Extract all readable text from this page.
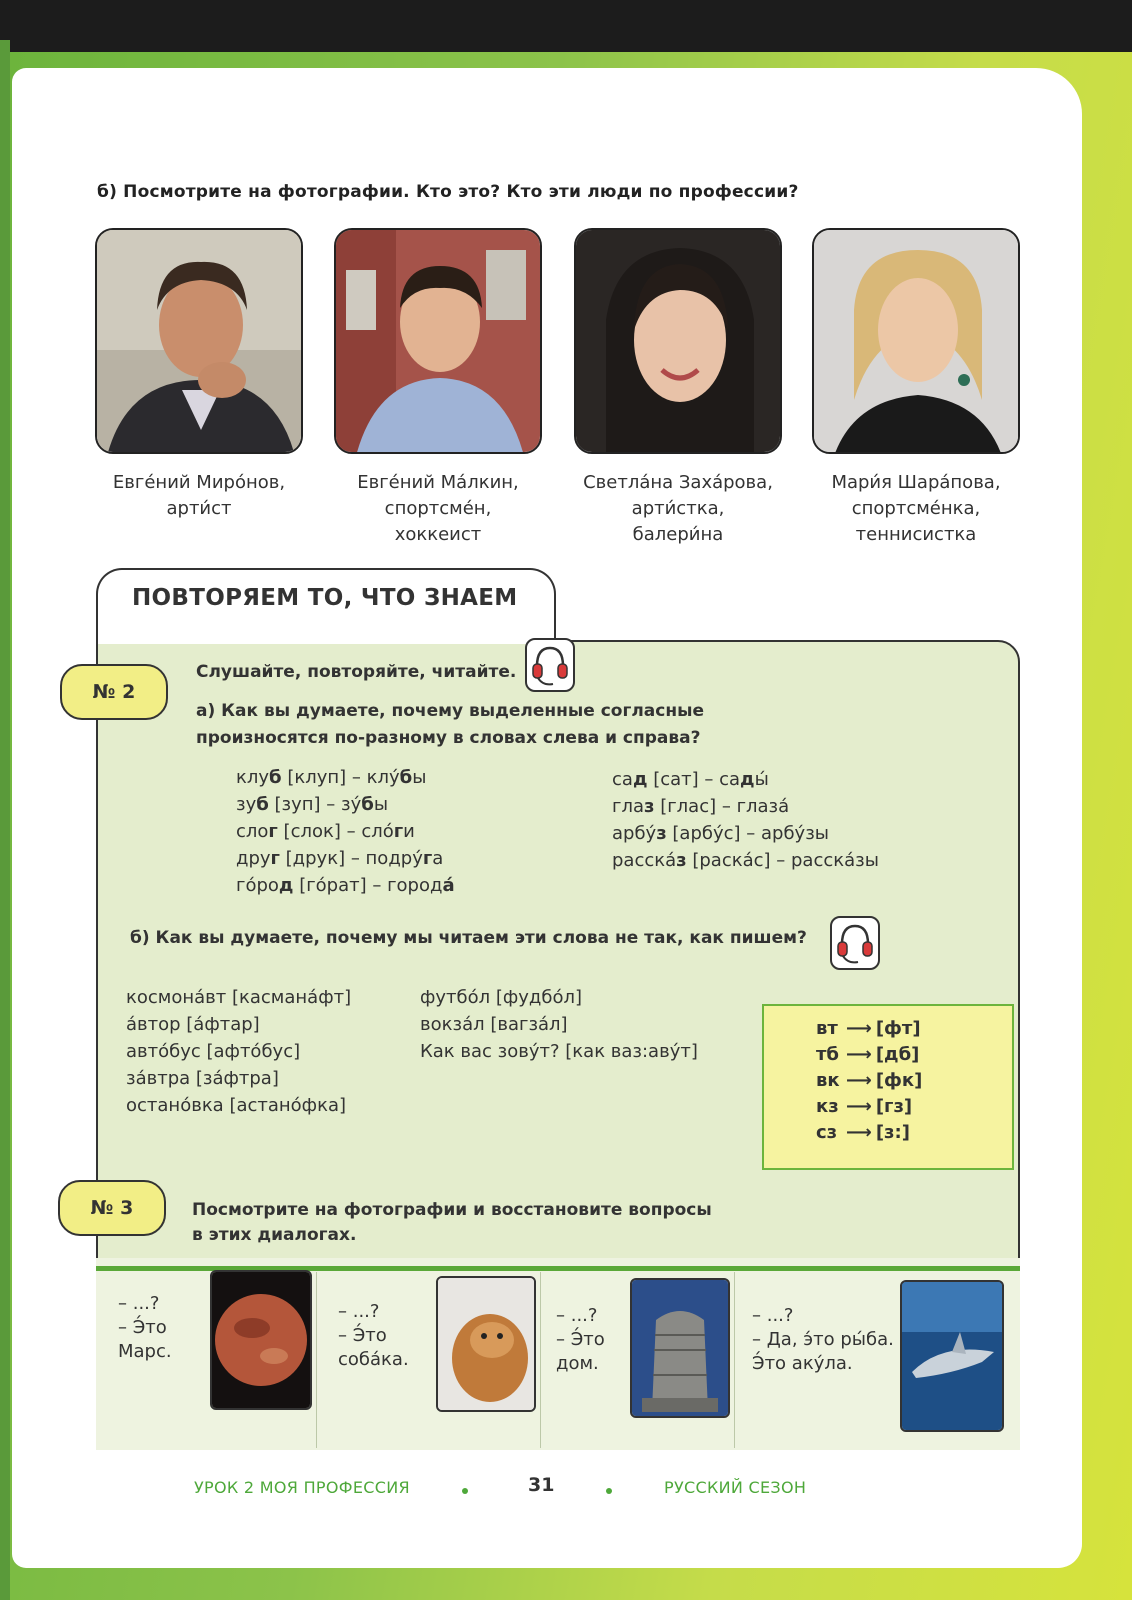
б) Посмотрите на фотографии. Кто это? Кто эти люди по профессии?
Евге́ний Миро́нов,
арти́ст
Евге́ний Ма́лкин,
спортсме́н,
хоккеист
Светла́на Заха́рова,
арти́стка,
балери́на
Мари́я Шара́пова,
спортсме́нка,
теннисистка
ПОВТОРЯЕМ ТО, ЧТО ЗНАЕМ
№ 2
Слушайте, повторяйте, читайте.
а) Как вы думаете, почему выделенные согласные
произносятся по-разному в словах слева и справа?
клуб [клуп] – клу́бы
зуб [зуп] – зу́бы
слог [слок] – сло́ги
друг [друк] – подру́га
го́род [го́рат] – города́
сад [сат] – сады́
глаз [глас] – глаза́
арбу́з [арбу́с] – арбу́зы
расска́з [раска́с] – расска́зы
б) Как вы думаете, почему мы читаем эти слова не так, как пишем?
космона́вт [касмана́фт]
а́втор [а́фтар]
авто́бус [афто́бус]
за́втра [за́фтра]
остано́вка [астано́фка]
футбо́л [фудбо́л]
вокза́л [вагза́л]
Как вас зову́т? [как ваз:аву́т]
вт ⟶ [фт]
тб ⟶ [дб]
вк ⟶ [фк]
кз ⟶ [гз]
сз ⟶ [з:]
№ 3	Посмотрите на фотографии и восстановите вопросы
в этих диалогах.
– ...?
– Э́то
Марс.
– ...?
– Э́то
соба́ка.
– ...?
– Э́то
дом.
– ...?
– Да, э́то ры́ба.
Э́то аку́ла.
УРОК 2 МОЯ ПРОФЕССИЯ	31	РУССКИЙ СЕЗОН
